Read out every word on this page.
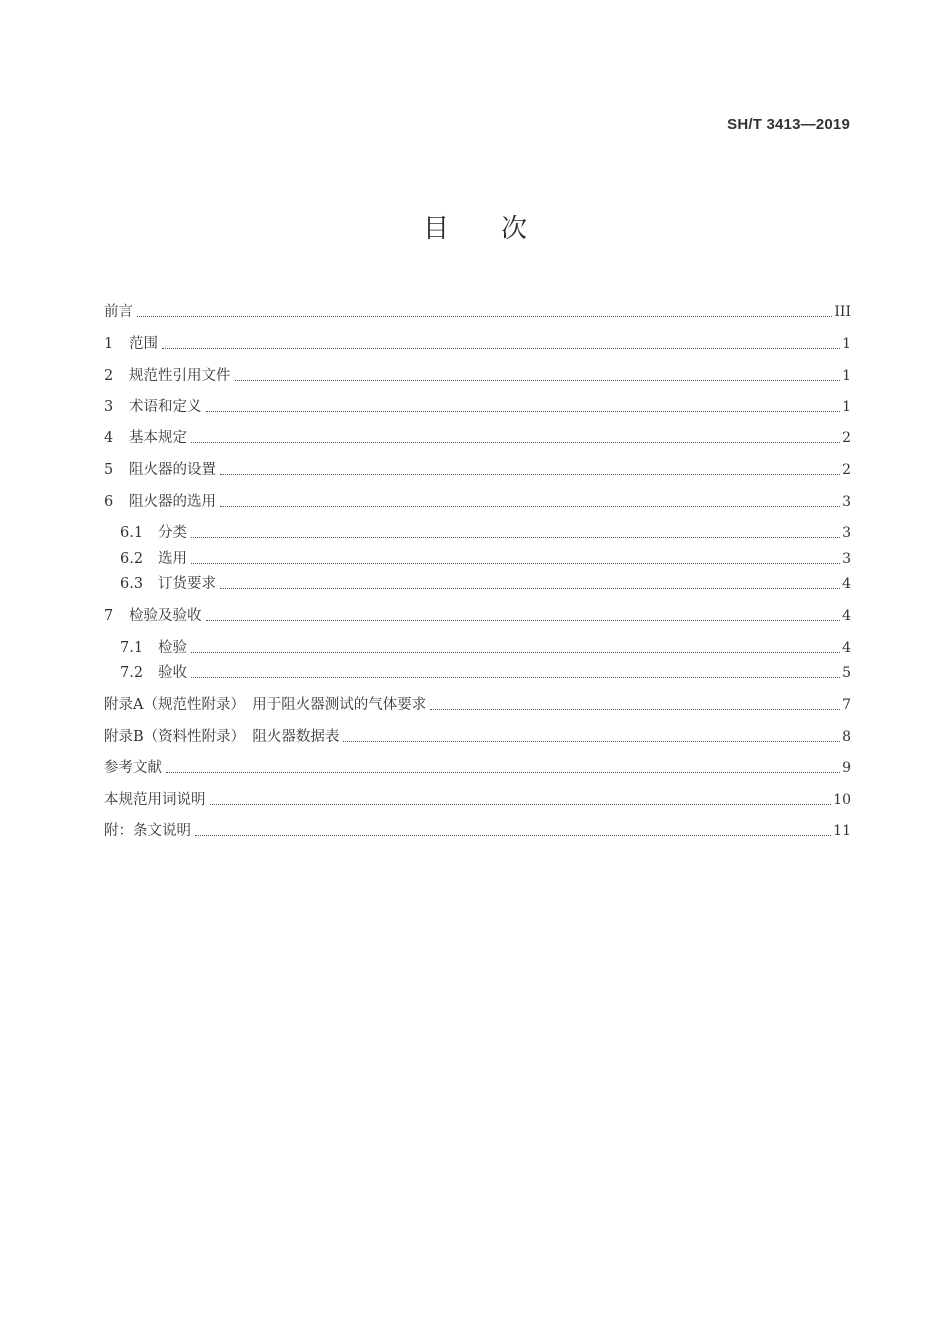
SH/T 3413—2019
目 次
前言	III
1	范围	1
2	规范性引用文件	1
3	术语和定义	1
4	基本规定	2
5	阻火器的设置	2
6	阻火器的选用	3
6.1	分类	3
6.2	选用	3
6.3	订货要求	4
7	检验及验收	4
7.1	检验	4
7.2	验收	5
附录A（规范性附录）　用于阻火器测试的气体要求	7
附录B（资料性附录）　阻火器数据表	8
参考文献	9
本规范用词说明	10
附：条文说明	11
